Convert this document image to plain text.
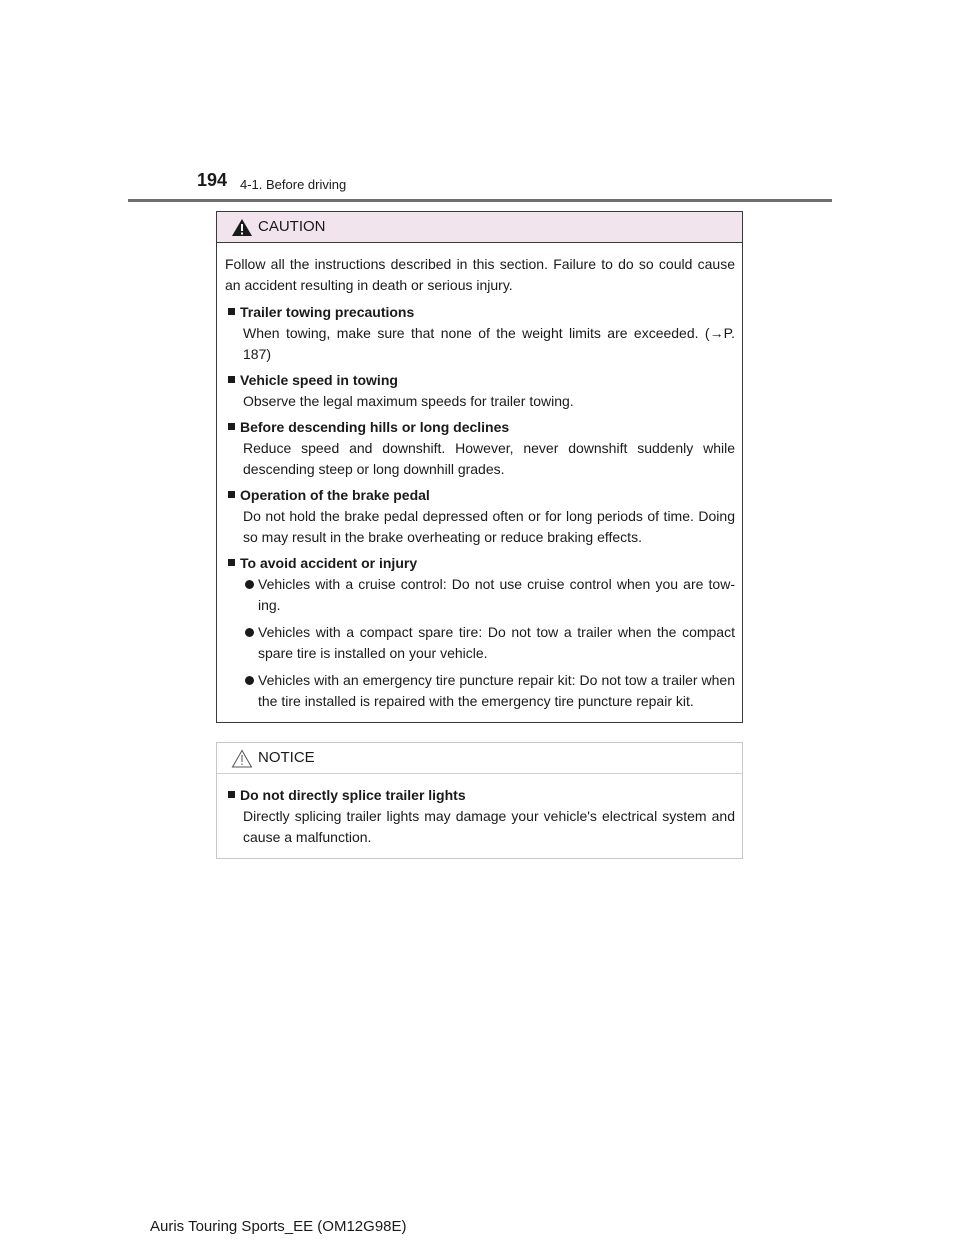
194 4-1. Before driving
CAUTION

Follow all the instructions described in this section. Failure to do so could cause an accident resulting in death or serious injury.

Trailer towing precautions
When towing, make sure that none of the weight limits are exceeded. (→P. 187)
Vehicle speed in towing
Observe the legal maximum speeds for trailer towing.
Before descending hills or long declines
Reduce speed and downshift. However, never downshift suddenly while descending steep or long downhill grades.
Operation of the brake pedal
Do not hold the brake pedal depressed often or for long periods of time. Doing so may result in the brake overheating or reduce braking effects.
To avoid accident or injury
Vehicles with a cruise control: Do not use cruise control when you are tow-ing.
Vehicles with a compact spare tire: Do not tow a trailer when the compact spare tire is installed on your vehicle.
Vehicles with an emergency tire puncture repair kit: Do not tow a trailer when the tire installed is repaired with the emergency tire puncture repair kit.
NOTICE
Do not directly splice trailer lights
Directly splicing trailer lights may damage your vehicle's electrical system and cause a malfunction.
Auris Touring Sports_EE (OM12G98E)
